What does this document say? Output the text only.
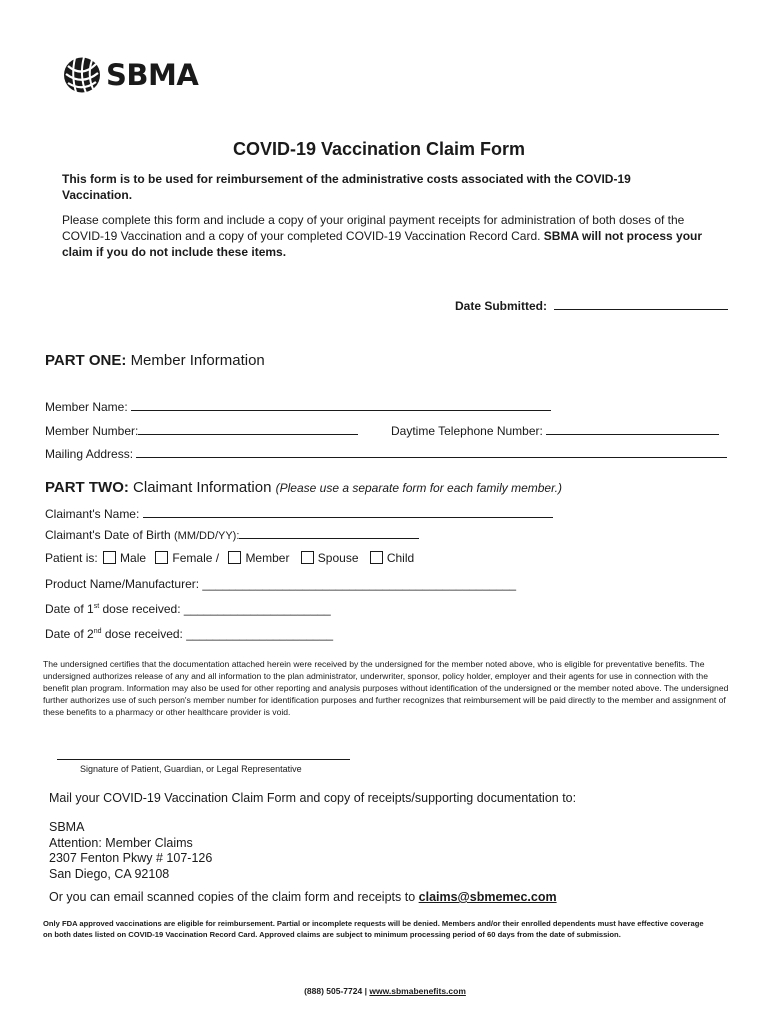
SBMA
COVID-19 Vaccination Claim Form
This form is to be used for reimbursement of the administrative costs associated with the COVID-19 Vaccination.
Please complete this form and include a copy of your original payment receipts for administration of both doses of the COVID-19 Vaccination and a copy of your completed COVID-19 Vaccination Record Card. SBMA will not process your claim if you do not include these items.
Date Submitted:
PART ONE: Member Information
Member Name:
Member Number:	Daytime Telephone Number:
Mailing Address:
PART TWO: Claimant Information (Please use a separate form for each family member.)
Claimant's Name:
Claimant's Date of Birth (MM/DD/YY):
Patient is: Male Female / Member Spouse Child
Product Name/Manufacturer: _______________________________________________
Date of 1st dose received: ______________________
Date of 2nd dose received: ______________________
The undersigned certifies that the documentation attached herein were received by the undersigned for the member noted above, who is eligible for preventative benefits. The undersigned authorizes release of any and all information to the plan administrator, underwriter, sponsor, policy holder, employer and their agents for use in connection with the benefit plan program. Information may also be used for other reporting and analysis purposes without identification of the undersigned or the member noted above. The undersigned further authorizes use of such person's member number for identification purposes and further recognizes that reimbursement will be paid directly to the member and assignment of these benefits to a pharmacy or other healthcare provider is void.
Signature of Patient, Guardian, or Legal Representative
Mail your COVID-19 Vaccination Claim Form and copy of receipts/supporting documentation to:
SBMA
Attention: Member Claims
2307 Fenton Pkwy # 107-126
San Diego, CA 92108
Or you can email scanned copies of the claim form and receipts to claims@sbmemec.com
Only FDA approved vaccinations are eligible for reimbursement. Partial or incomplete requests will be denied. Members and/or their enrolled dependents must have effective coverage on both dates listed on COVID-19 Vaccination Record Card. Approved claims are subject to minimum processing period of 60 days from the date of submission.
(888) 505-7724 | www.sbmabenefits.com
